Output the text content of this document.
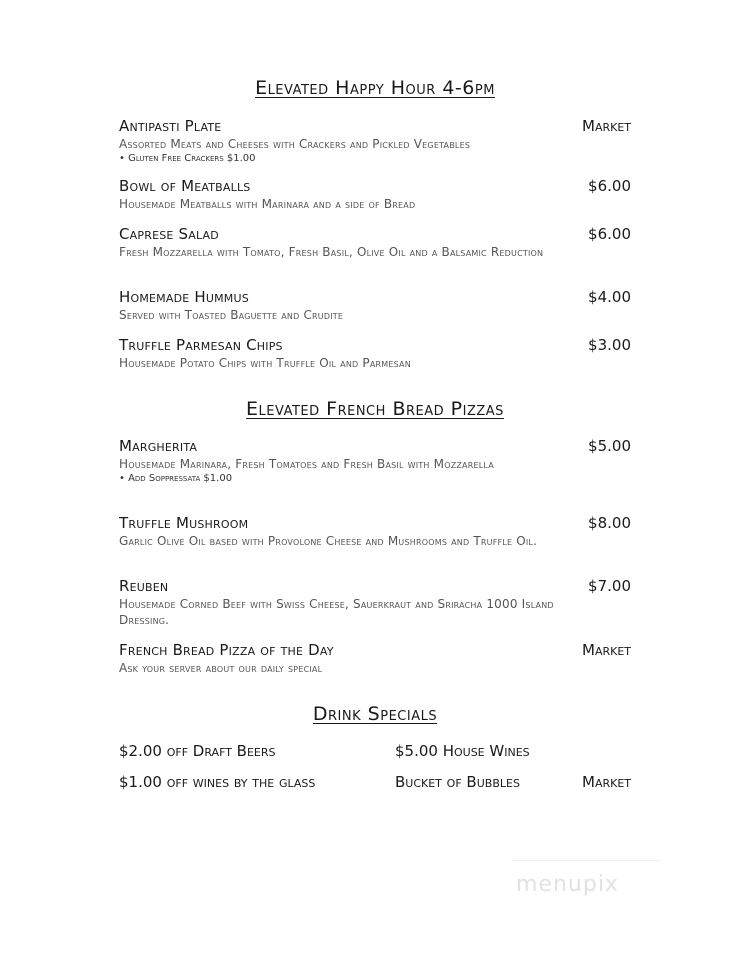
Elevated Happy Hour 4-6pm
Antipasti Plate	Market
Assorted Meats and Cheeses with Crackers and Pickled Vegetables
• Gluten Free Crackers $1.00
Bowl of Meatballs	$6.00
Housemade Meatballs with Marinara and a side of Bread
Caprese Salad	$6.00
Fresh Mozzarella with Tomato, Fresh Basil, Olive Oil and a Balsamic Reduction
Homemade Hummus	$4.00
Served with Toasted Baguette and Crudite
Truffle Parmesan Chips	$3.00
Housemade Potato Chips with Truffle Oil and Parmesan
Elevated French Bread Pizzas
Margherita	$5.00
Housemade Marinara, Fresh Tomatoes and Fresh Basil with Mozzarella
• Add Soppressata $1.00
Truffle Mushroom	$8.00
Garlic Olive Oil based with Provolone Cheese and Mushrooms and Truffle Oil.
Reuben	$7.00
Housemade Corned Beef with Swiss Cheese, Sauerkraut and Sriracha 1000 Island Dressing.
French Bread Pizza of the Day	Market
Ask your server about our daily special
Drink Specials
$2.00 off Draft Beers	$5.00 House Wines
$1.00 off wines by the glass	Bucket of Bubbles	Market
menupix
